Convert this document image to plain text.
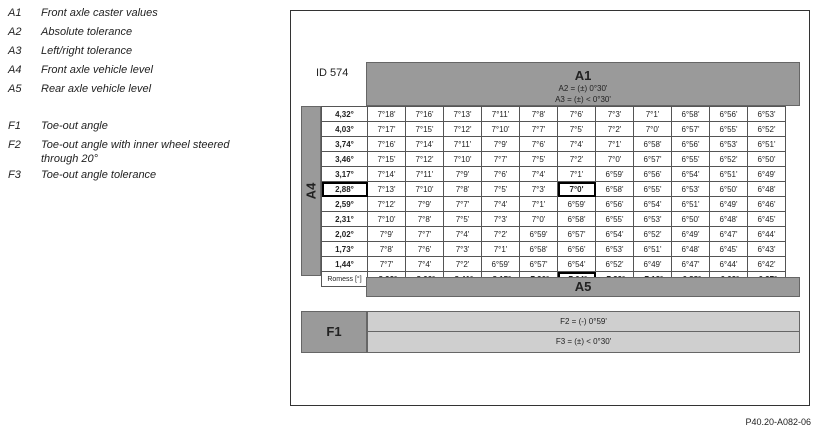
A1	Front axle caster values
A2	Absolute tolerance
A3	Left/right tolerance
A4	Front axle vehicle level
A5	Rear axle vehicle level
F1	Toe-out angle
F2	Toe-out angle with inner wheel steered through 20°
F3	Toe-out angle tolerance
ID 574	A1
A2 = (±) 0°30'
A3 = (±) < 0°30'
A4
4,32°	7°18'	7°16'	7°13'	7°11'	7°8'	7°6'	7°3'	7°1'	6°58'	6°56'	6°53'
4,03°	7°17'	7°15'	7°12'	7°10'	7°7'	7°5'	7°2'	7°0'	6°57'	6°55'	6°52'
3,74°	7°16'	7°14'	7°11'	7°9'	7°6'	7°4'	7°1'	6°58'	6°56'	6°53'	6°51'
3,46°	7°15'	7°12'	7°10'	7°7'	7°5'	7°2'	7°0'	6°57'	6°55'	6°52'	6°50'
3,17°	7°14'	7°11'	7°9'	7°6'	7°4'	7°1'	6°59'	6°56'	6°54'	6°51'	6°49'
2,88°	7°13'	7°10'	7°8'	7°5'	7°3'	7°0'	6°58'	6°55'	6°53'	6°50'	6°48'
2,59°	7°12'	7°9'	7°7'	7°4'	7°1'	6°59'	6°56'	6°54'	6°51'	6°49'	6°46'
2,31°	7°10'	7°8'	7°5'	7°3'	7°0'	6°58'	6°55'	6°53'	6°50'	6°48'	6°45'
2,02°	7°9'	7°7'	7°4'	7°2'	6°59'	6°57'	6°54'	6°52'	6°49'	6°47'	6°44'
1,73°	7°8'	7°6'	7°3'	7°1'	6°58'	6°56'	6°53'	6°51'	6°48'	6°45'	6°43'
1,44°	7°7'	7°4'	7°2'	6°59'	6°57'	6°54'	6°52'	6°49'	6°47'	6°44'	6°42'
Romess [°]												A5
F1
F2 = (-) 0°59'
F3 = (±) < 0°30'
P40.20-A082-06
